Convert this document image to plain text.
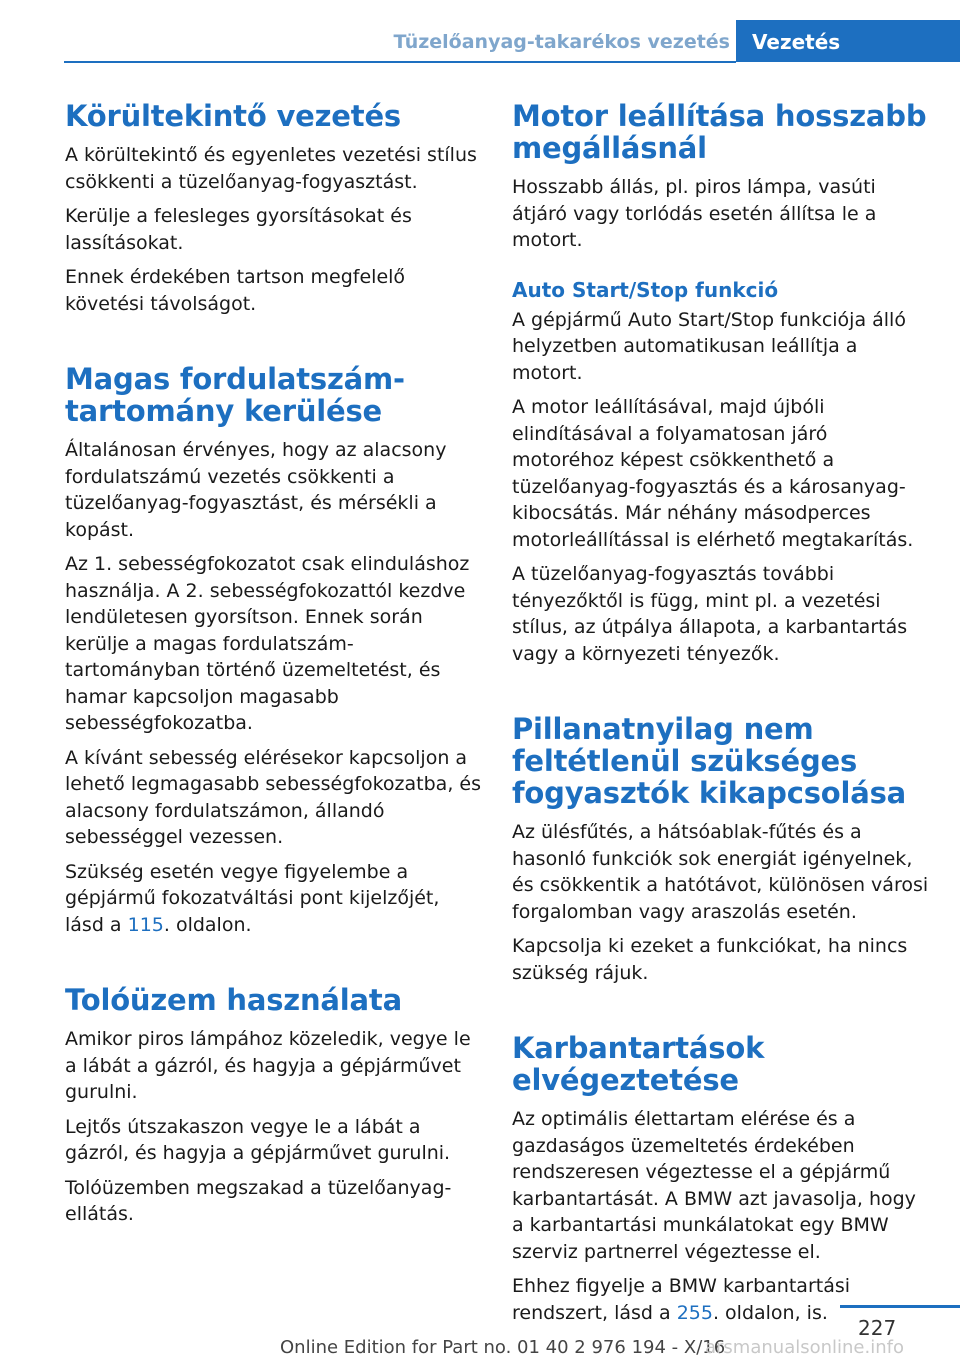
Tüzelőanyag-takarékos vezetés	Vezetés
Körültekintő vezetés

A körültekintő és egyenletes vezetési stílus csökkenti a tüzelőanyag-fogyasztást.

Kerülje a felesleges gyorsításokat és lassításokat.

Ennek érdekében tartson megfelelő követési távolságot.

Magas fordulatszám-tartomány kerülése

Általánosan érvényes, hogy az alacsony fordulatszámú vezetés csökkenti a tüzelőanyag-fogyasztást, és mérsékli a kopást.

Az 1. sebességfokozatot csak elinduláshoz használja. A 2. sebességfokozattól kezdve lendületesen gyorsítson. Ennek során kerülje a magas fordulatszám-tartományban történő üzemeltetést, és hamar kapcsoljon magasabb sebességfokozatba.

A kívánt sebesség elérésekor kapcsoljon a lehető legmagasabb sebességfokozatba, és alacsony fordulatszámon, állandó sebességgel vezessen.

Szükség esetén vegye figyelembe a gépjármű fokozatváltási pont kijelzőjét, lásd a 115. oldalon.

Tolóüzem használata

Amikor piros lámpához közeledik, vegye le a lábát a gázról, és hagyja a gépjárművet gurulni.

Lejtős útszakaszon vegye le a lábát a gázról, és hagyja a gépjárművet gurulni.

Tolóüzemben megszakad a tüzelőanyag-ellátás.

Motor leállítása hosszabb megállásnál

Hosszabb állás, pl. piros lámpa, vasúti átjáró vagy torlódás esetén állítsa le a motort.

Auto Start/Stop funkció

A gépjármű Auto Start/Stop funkciója álló helyzetben automatikusan leállítja a motort.

A motor leállításával, majd újbóli elindításával a folyamatosan járó motoréhoz képest csökkenthető a tüzelőanyag-fogyasztás és a károsanyag-kibocsátás. Már néhány másodperces motorleállítással is elérhető megtakarítás.

A tüzelőanyag-fogyasztás további tényezőktől is függ, mint pl. a vezetési stílus, az útpálya állapota, a karbantartás vagy a környezeti tényezők.

Pillanatnyilag nem feltétlenül szükséges fogyasztók kikapcsolása

Az ülésfűtés, a hátsóablak-fűtés és a hasonló funkciók sok energiát igényelnek, és csökkentik a hatótávot, különösen városi forgalomban vagy araszolás esetén.

Kapcsolja ki ezeket a funkciókat, ha nincs szükség rájuk.

Karbantartások elvégeztetése

Az optimális élettartam elérése és a gazdaságos üzemeltetés érdekében rendszeresen végeztesse el a gépjármű karbantartását. A BMW azt javasolja, hogy a karbantartási munkálatokat egy BMW szerviz partnerrel végeztesse el.

Ehhez figyelje a BMW karbantartási rendszert, lásd a 255. oldalon, is.

227
Online Edition for Part no. 01 40 2 976 194 - X/16
arsmanualsonline.info
